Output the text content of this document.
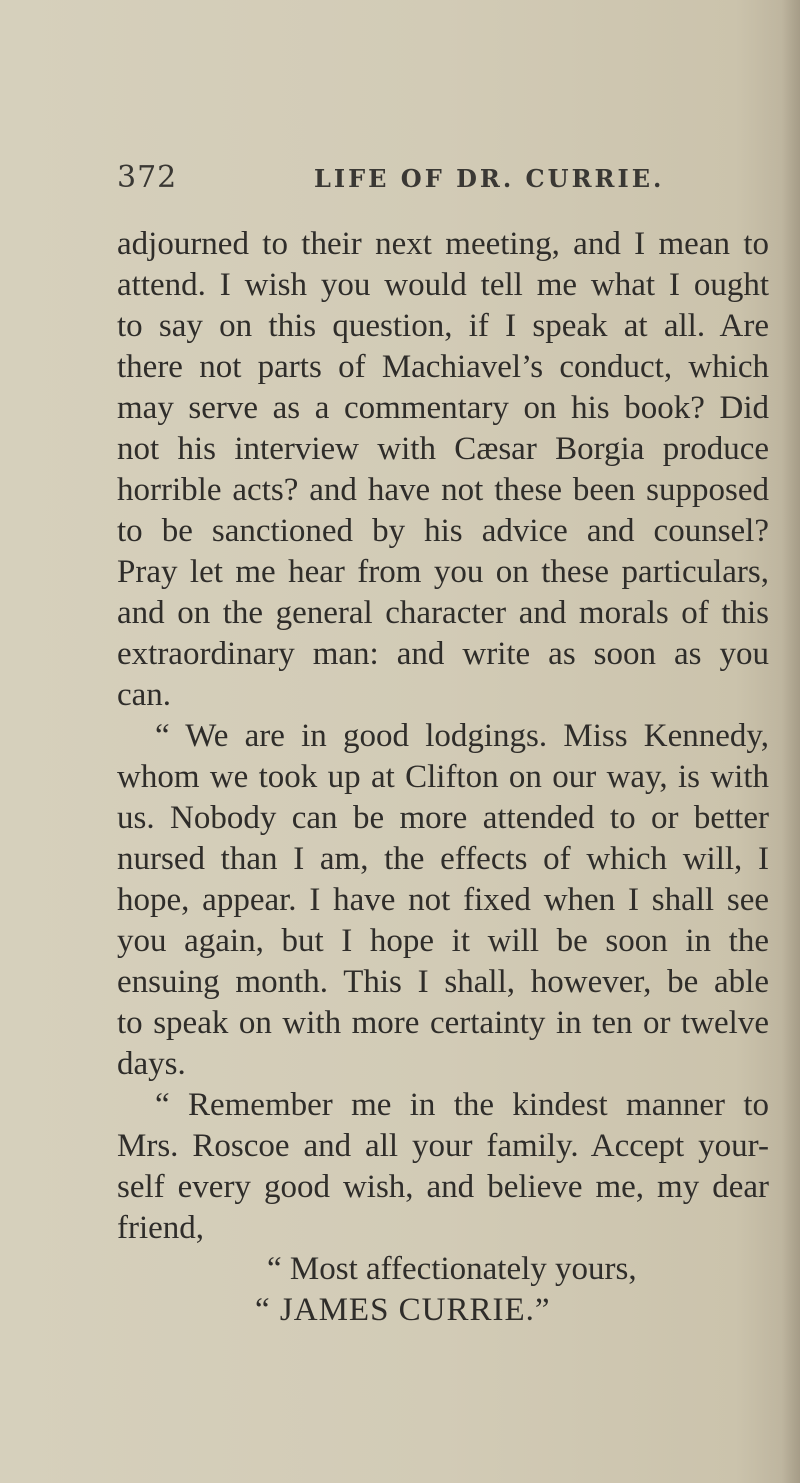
372	LIFE OF DR. CURRIE.
adjourned to their next meeting, and I mean to
attend. I wish you would tell me what I ought
to say on this question, if I speak at all. Are
there not parts of Machiavel’s conduct, which
may serve as a commentary on his book? Did
not his interview with Cæsar Borgia produce
horrible acts? and have not these been supposed
to be sanctioned by his advice and counsel?
Pray let me hear from you on these particulars,
and on the general character and morals of this
extraordinary man: and write as soon as you
can.
“ We are in good lodgings. Miss Kennedy,
whom we took up at Clifton on our way, is with
us. Nobody can be more attended to or better
nursed than I am, the effects of which will, I
hope, appear. I have not fixed when I shall see
you again, but I hope it will be soon in the
ensuing month. This I shall, however, be able
to speak on with more certainty in ten or twelve
days.
“ Remember me in the kindest manner to
Mrs. Roscoe and all your family. Accept your-
self every good wish, and believe me, my dear
friend,
“ Most affectionately yours,
“ JAMES CURRIE.”
